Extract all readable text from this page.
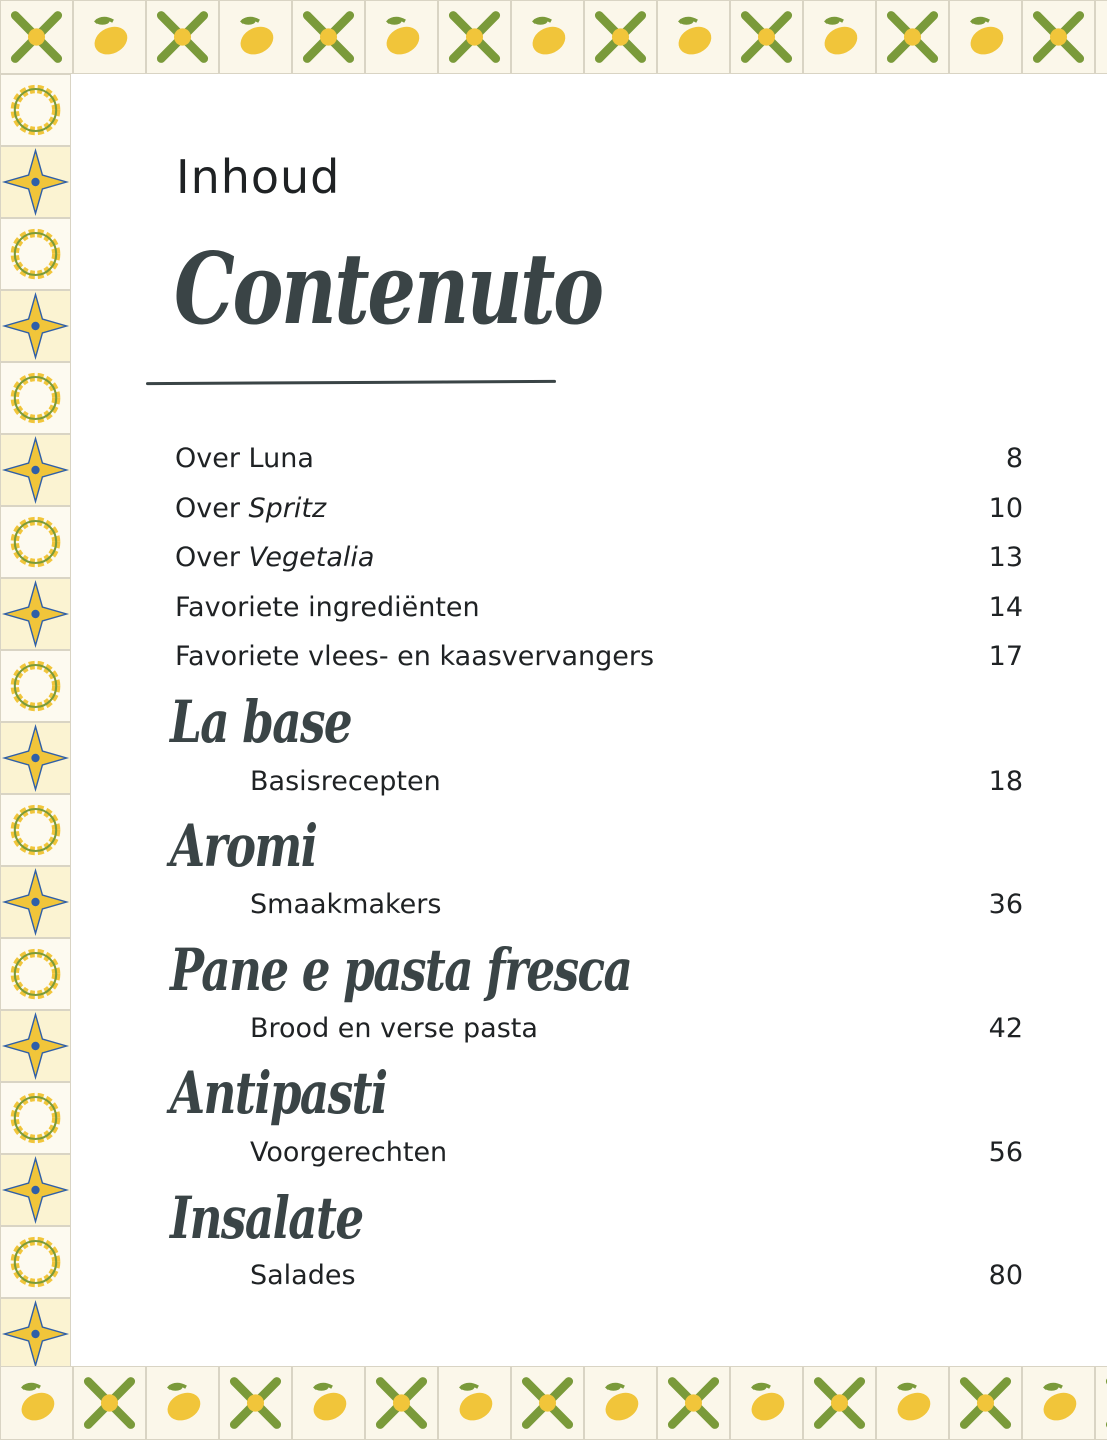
Inhoud
Contenuto
Over Luna	8
Over Spritz	10
Over Vegetalia	13
Favoriete ingrediënten	14
Favoriete vlees- en kaasvervangers	17
La base
Basisrecepten	18
Aromi
Smaakmakers	36
Pane e pasta fresca
Brood en verse pasta	42
Antipasti
Voorgerechten	56
Insalate
Salades	80
